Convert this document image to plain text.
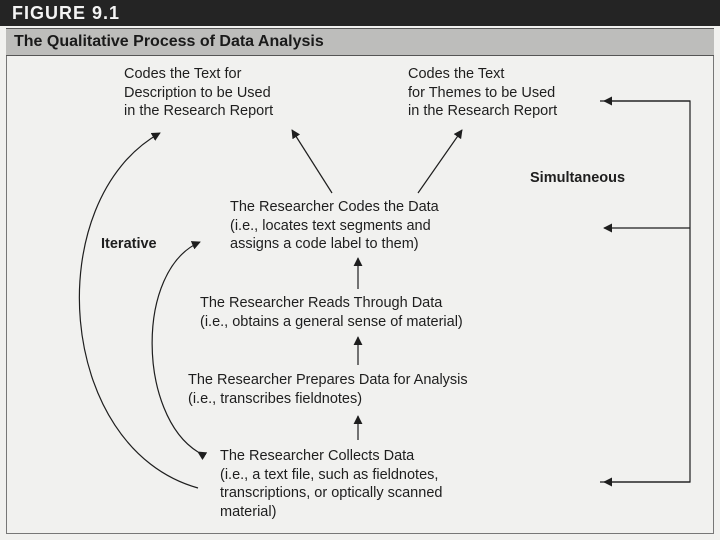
FIGURE 9.1
The Qualitative Process of Data Analysis
Codes the Text for
Description to be Used
in the Research Report
Codes the Text
for Themes to be Used
in the Research Report
The Researcher Codes the Data
(i.e., locates text segments and
assigns a code label to them)
The Researcher Reads Through Data
(i.e., obtains a general sense of material)
The Researcher Prepares Data for Analysis
(i.e., transcribes fieldnotes)
The Researcher Collects Data
(i.e., a text file, such as fieldnotes,
transcriptions, or optically scanned
material)
Iterative
Simultaneous
